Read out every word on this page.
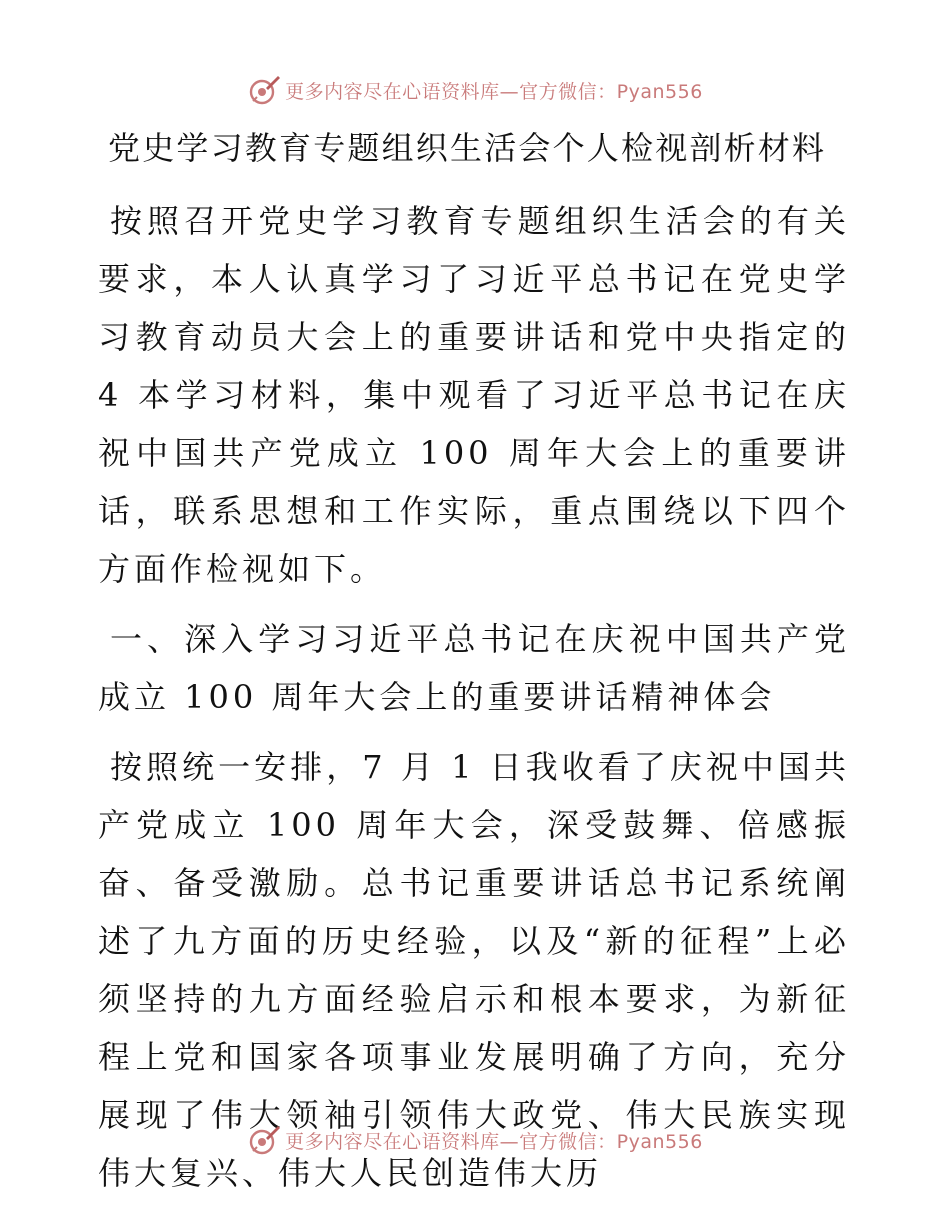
更多内容尽在心语资料库—官方微信：Pyan556
党史学习教育专题组织生活会个人检视剖析材料

按照召开党史学习教育专题组织生活会的有关要求，本人认真学习了习近平总书记在党史学习教育动员大会上的重要讲话和党中央指定的 4 本学习材料，集中观看了习近平总书记在庆祝中国共产党成立 100 周年大会上的重要讲话，联系思想和工作实际，重点围绕以下四个方面作检视如下。

一、深入学习习近平总书记在庆祝中国共产党成立 100 周年大会上的重要讲话精神体会

按照统一安排，7 月 1 日我收看了庆祝中国共产党成立 100 周年大会，深受鼓舞、倍感振奋、备受激励。总书记重要讲话总书记系统阐述了九方面的历史经验，以及“新的征程”上必须坚持的九方面经验启示和根本要求，为新征程上党和国家各项事业发展明确了方向，充分展现了伟大领袖引领伟大政党、伟大民族实现伟大复兴、伟大人民创造伟大历

更多内容尽在心语资料库—官方微信：Pyan556
